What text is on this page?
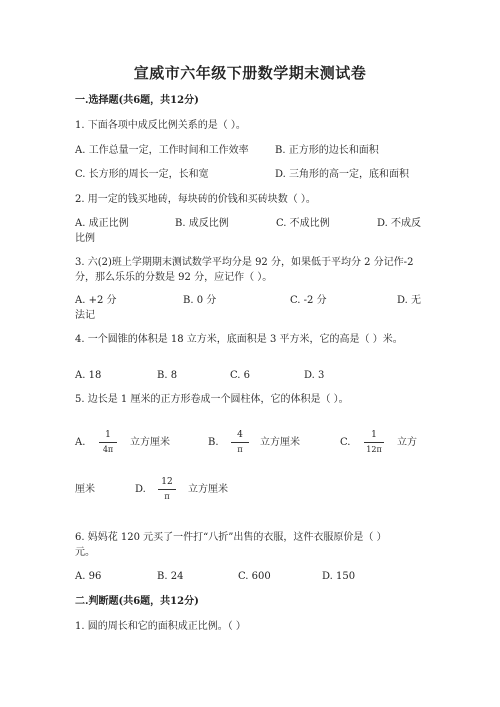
宣威市六年级下册数学期末测试卷
一.选择题(共6题，共12分)
1. 下面各项中成反比例关系的是（ ）。
A. 工作总量一定，工作时间和工作效率	B. 正方形的边长和面积
C. 长方形的周长一定，长和宽	D. 三角形的高一定，底和面积
2. 用一定的钱买地砖，每块砖的价钱和买砖块数（ ）。
A. 成正比例	B. 成反比例	C. 不成比例	D. 不成反
比例
3. 六(2)班上学期期末测试数学平均分是 92 分，如果低于平均分 2 分记作-2
分，那么乐乐的分数是 92 分，应记作（ ）。
A. +2 分	B. 0 分	C. -2 分	D. 无
法记
4. 一个圆锥的体积是 18 立方米，底面积是 3 平方米，它的高是（ ）米。
A. 18	B. 8	C. 6	D. 3
5. 边长是 1 厘米的正方形卷成一个圆柱体，它的体积是（ ）。
A.
1
4π
立方厘米	B.
4
π
立方厘米	C.
1
12π
立方
厘米	D.
12
π
立方厘米
6. 妈妈花 120 元买了一件打“八折”出售的衣服，这件衣服原价是（ ）
元。
A. 96	B. 24	C. 600	D. 150
二.判断题(共6题，共12分)
1. 圆的周长和它的面积成正比例。（ ）
